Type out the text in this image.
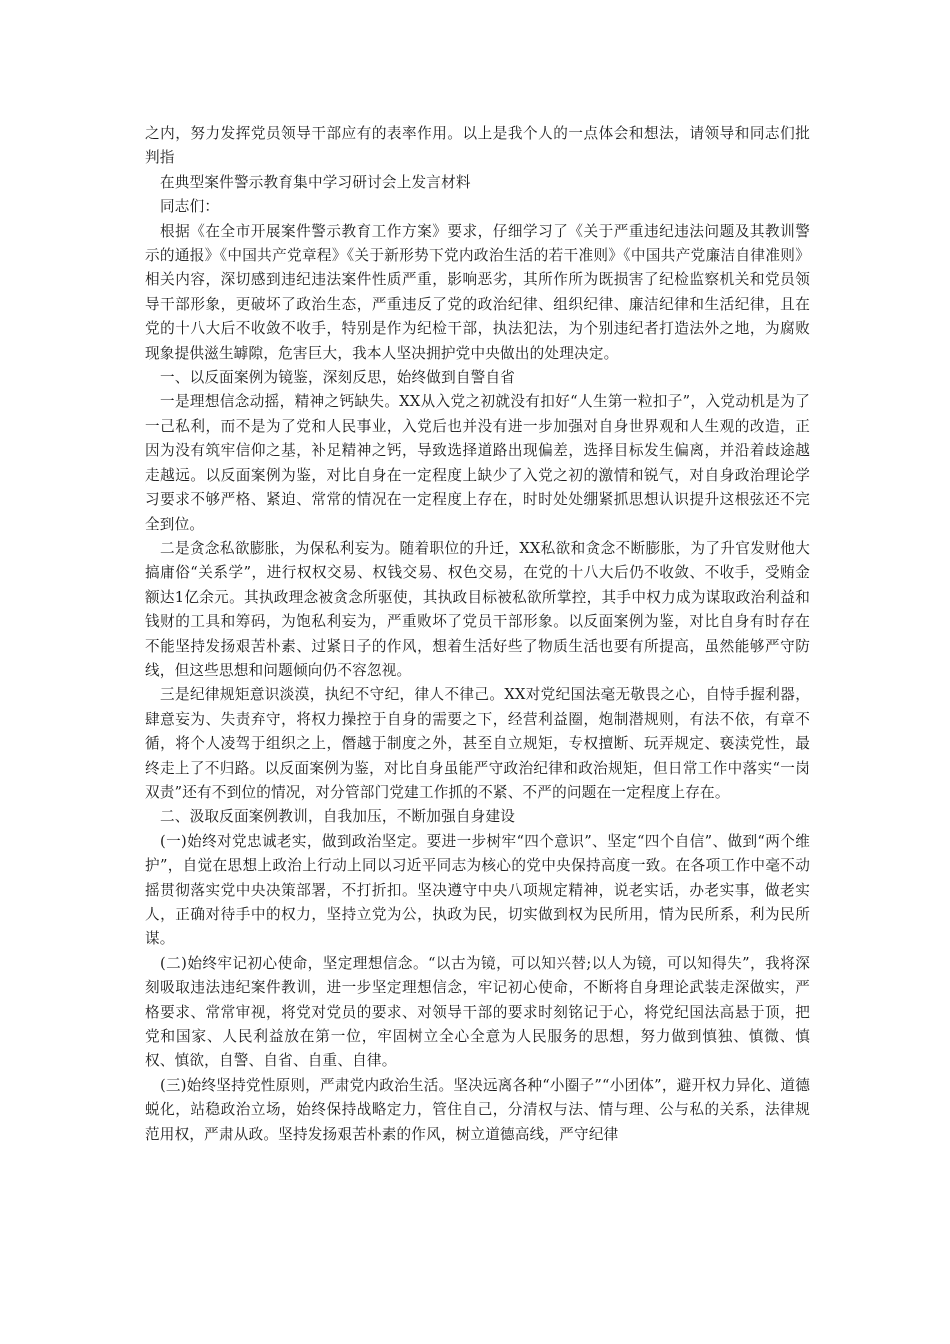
之内，努力发挥党员领导干部应有的表率作用。以上是我个人的一点体会和想法，请领导和同志们批判指

在典型案件警示教育集中学习研讨会上发言材料

同志们：

根据《在全市开展案件警示教育工作方案》要求，仔细学习了《关于严重违纪违法问题及其教训警示的通报》《中国共产党章程》《关于新形势下党内政治生活的若干准则》《中国共产党廉洁自律准则》相关内容，深切感到违纪违法案件性质严重，影响恶劣，其所作所为既损害了纪检监察机关和党员领导干部形象，更破坏了政治生态，严重违反了党的政治纪律、组织纪律、廉洁纪律和生活纪律，且在党的十八大后不收敛不收手，特别是作为纪检干部，执法犯法，为个别违纪者打造法外之地，为腐败现象提供滋生罅隙，危害巨大，我本人坚决拥护党中央做出的处理决定。

一、以反面案例为镜鉴，深刻反思，始终做到自警自省

一是理想信念动摇，精神之钙缺失。XX从入党之初就没有扣好“人生第一粒扣子”，入党动机是为了一己私利，而不是为了党和人民事业，入党后也并没有进一步加强对自身世界观和人生观的改造，正因为没有筑牢信仰之基，补足精神之钙，导致选择道路出现偏差，选择目标发生偏离，并沿着歧途越走越远。以反面案例为鉴，对比自身在一定程度上缺少了入党之初的激情和锐气，对自身政治理论学习要求不够严格、紧迫、常常的情况在一定程度上存在，时时处处绷紧抓思想认识提升这根弦还不完全到位。

二是贪念私欲膨胀，为保私利妄为。随着职位的升迁，XX私欲和贪念不断膨胀，为了升官发财他大搞庸俗“关系学”，进行权权交易、权钱交易、权色交易，在党的十八大后仍不收敛、不收手，受贿金额达1亿余元。其执政理念被贪念所驱使，其执政目标被私欲所掌控，其手中权力成为谋取政治利益和钱财的工具和筹码，为饱私利妄为，严重败坏了党员干部形象。以反面案例为鉴，对比自身有时存在不能坚持发扬艰苦朴素、过紧日子的作风，想着生活好些了物质生活也要有所提高，虽然能够严守防线，但这些思想和问题倾向仍不容忽视。

三是纪律规矩意识淡漠，执纪不守纪，律人不律己。XX对党纪国法毫无敬畏之心，自恃手握利器，肆意妄为、失责弃守，将权力操控于自身的需要之下，经营利益圈，炮制潜规则，有法不依，有章不循，将个人凌驾于组织之上，僭越于制度之外，甚至自立规矩，专权擅断、玩弄规定、亵渎党性，最终走上了不归路。以反面案例为鉴，对比自身虽能严守政治纪律和政治规矩，但日常工作中落实“一岗双责”还有不到位的情况，对分管部门党建工作抓的不紧、不严的问题在一定程度上存在。

二、汲取反面案例教训，自我加压，不断加强自身建设

(一)始终对党忠诚老实，做到政治坚定。要进一步树牢“四个意识”、坚定“四个自信”、做到“两个维护”，自觉在思想上政治上行动上同以习近平同志为核心的党中央保持高度一致。在各项工作中毫不动摇贯彻落实党中央决策部署，不打折扣。坚决遵守中央八项规定精神，说老实话，办老实事，做老实人，正确对待手中的权力，坚持立党为公，执政为民，切实做到权为民所用，情为民所系，利为民所谋。

(二)始终牢记初心使命，坚定理想信念。“以古为镜，可以知兴替;以人为镜，可以知得失”，我将深刻吸取违法违纪案件教训，进一步坚定理想信念，牢记初心使命，不断将自身理论武装走深做实，严格要求、常常审视，将党对党员的要求、对领导干部的要求时刻铭记于心，将党纪国法高悬于顶，把党和国家、人民利益放在第一位，牢固树立全心全意为人民服务的思想，努力做到慎独、慎微、慎权、慎欲，自警、自省、自重、自律。

(三)始终坚持党性原则，严肃党内政治生活。坚决远离各种“小圈子”“小团体”，避开权力异化、道德蜕化，站稳政治立场，始终保持战略定力，管住自己，分清权与法、情与理、公与私的关系，法律规范用权，严肃从政。坚持发扬艰苦朴素的作风，树立道德高线，严守纪律
